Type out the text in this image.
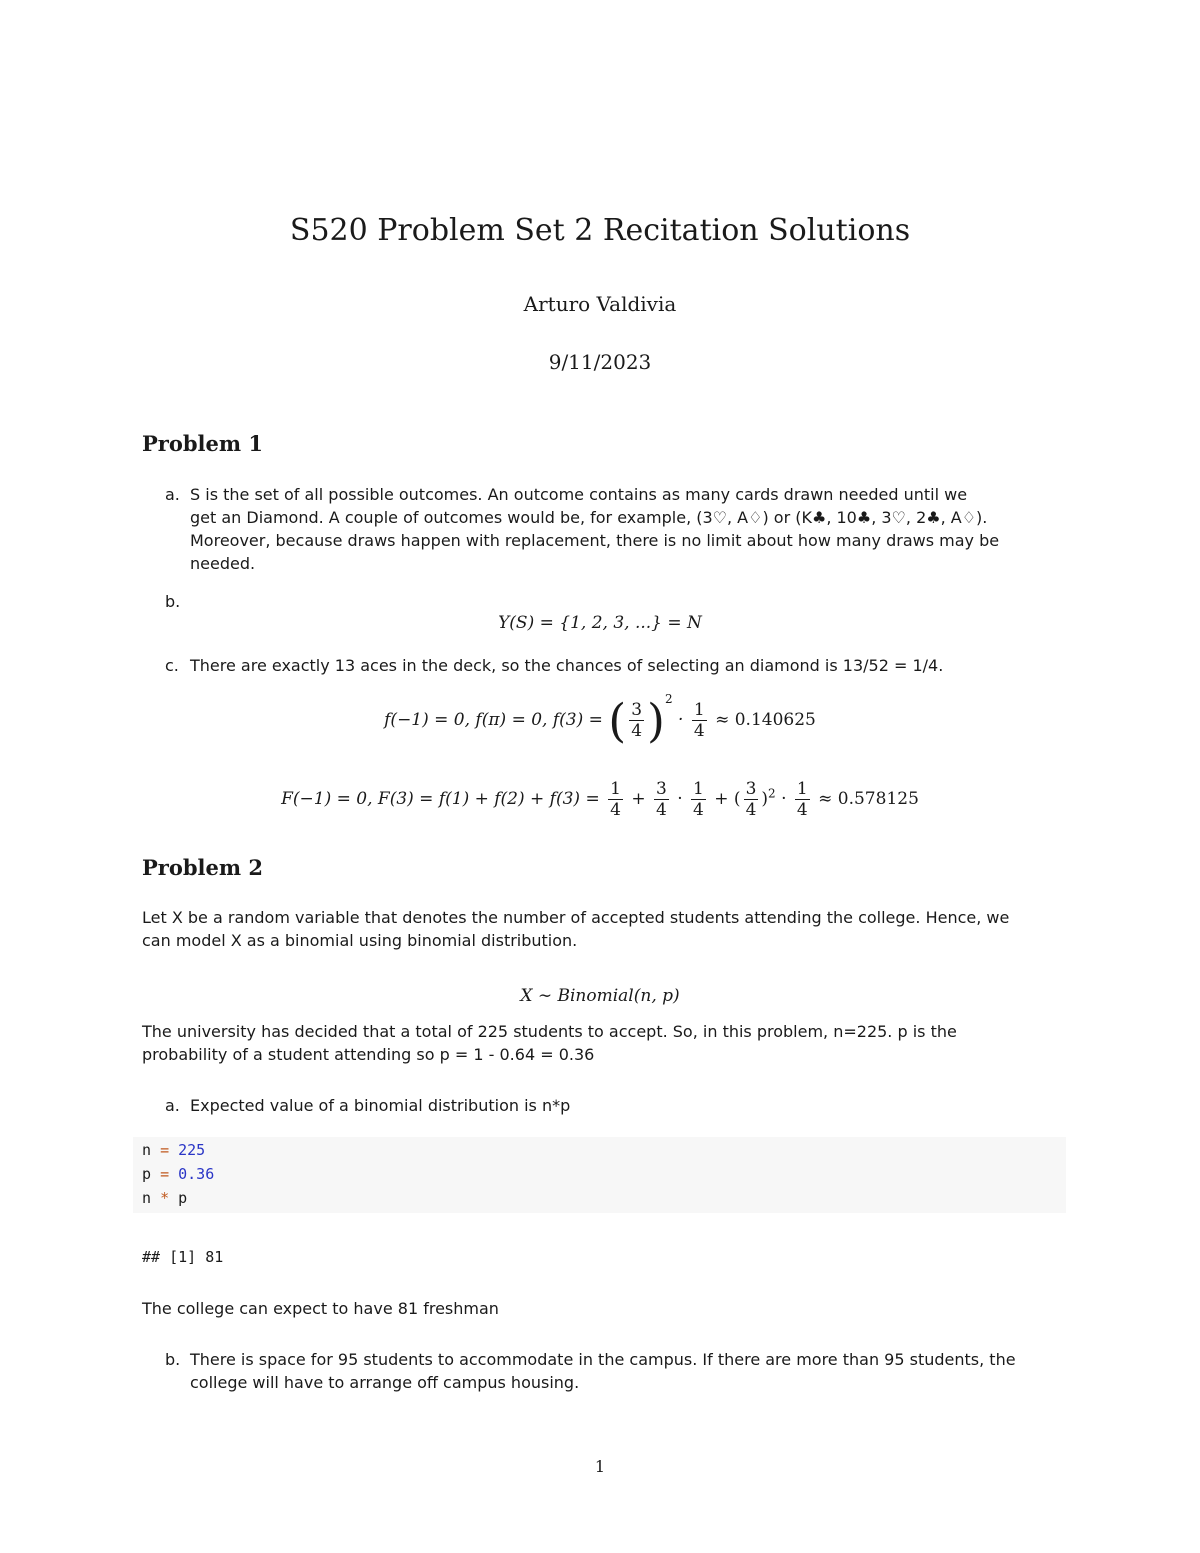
S520 Problem Set 2 Recitation Solutions
Arturo Valdivia
9/11/2023
Problem 1
a. S is the set of all possible outcomes. An outcome contains as many cards drawn needed until we
get an Diamond. A couple of outcomes would be, for example, (3♡, A♢) or (K♣, 10♣, 3♡, 2♣, A♢).
Moreover, because draws happen with replacement, there is no limit about how many draws may be
needed.
b.
Y(S) = {1, 2, 3, ...} = N
c. There are exactly 13 aces in the deck, so the chances of selecting an diamond is 13/52 = 1/4.
f(−1) = 0, f(π) = 0, f(3) = ( $\frac{3}{4} )^2 \cdot \frac{1}{4} \approx 0.140625$
F(−1) = 0, $F(3) = f(1) + f(2) + f(3) = \frac{1}{4} + \frac{3}{4} \cdot \frac{1}{4}$ + ( $\frac{3}{4} )^2 \cdot \frac{1}{4} \approx 0.578125$
Problem 2
Let X be a random variable that denotes the number of accepted students attending the college. Hence, we
can model X as a binomial using binomial distribution.
X ∼ Binomial(n, p)
The university has decided that a total of 225 students to accept. So, in this problem, n=225. p is the
probability of a student attending so p = 1 - 0.64 = 0.36
a. Expected value of a binomial distribution is n*p
n = 225
p = 0.36
n * p
## [1] 81
The college can expect to have 81 freshman
b. There is space for 95 students to accommodate in the campus. If there are more than 95 students, the
college will have to arrange off campus housing.
1
